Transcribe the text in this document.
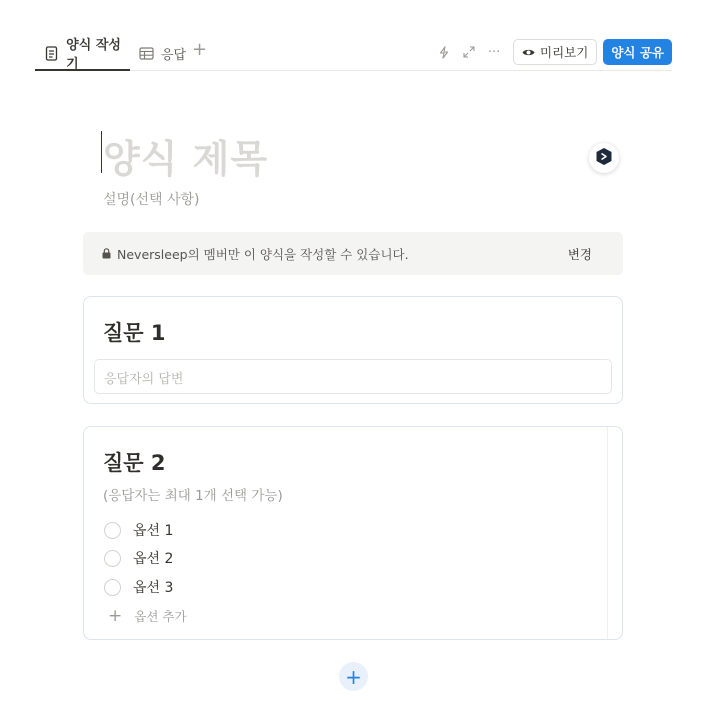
양식 작성기
응답 +	···	미리보기	양식 공유
양식 제목
설명(선택 사항)
Neversleep의 멤버만 이 양식을 작성할 수 있습니다.	변경
질문 1
응답자의 답변
질문 2
(응답자는 최대 1개 선택 가능)
옵션 1
옵션 2
옵션 3
+ 옵션 추가
+
